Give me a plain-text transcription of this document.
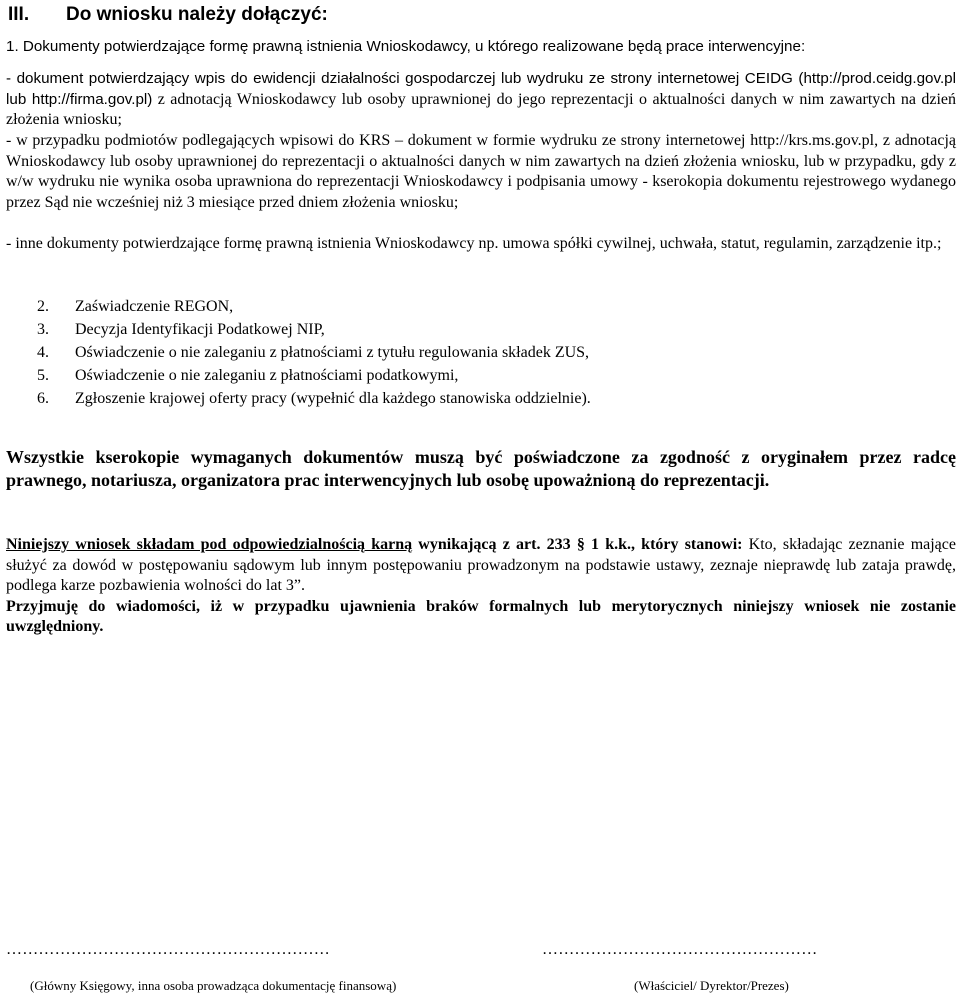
III. Do wniosku należy dołączyć:
1. Dokumenty potwierdzające formę prawną istnienia Wnioskodawcy, u którego realizowane będą prace interwencyjne:
- dokument potwierdzający wpis do ewidencji działalności gospodarczej lub wydruku ze strony internetowej CEIDG (http://prod.ceidg.gov.pl lub http://firma.gov.pl) z adnotacją Wnioskodawcy lub osoby uprawnionej do jego reprezentacji o aktualności danych w nim zawartych na dzień złożenia wniosku;
- w przypadku podmiotów podlegających wpisowi do KRS – dokument w formie wydruku ze strony internetowej http://krs.ms.gov.pl, z adnotacją Wnioskodawcy lub osoby uprawnionej do reprezentacji o aktualności danych w nim zawartych na dzień złożenia wniosku, lub w przypadku, gdy z w/w wydruku nie wynika osoba uprawniona do reprezentacji Wnioskodawcy i podpisania umowy - kserokopia dokumentu rejestrowego wydanego przez Sąd nie wcześniej niż 3 miesiące przed dniem złożenia wniosku;
- inne dokumenty potwierdzające formę prawną istnienia Wnioskodawcy np. umowa spółki cywilnej, uchwała, statut, regulamin, zarządzenie itp.;
2. Zaświadczenie REGON,
3. Decyzja Identyfikacji Podatkowej NIP,
4. Oświadczenie o nie zaleganiu z płatnościami z tytułu regulowania składek ZUS,
5. Oświadczenie o nie zaleganiu z płatnościami podatkowymi,
6. Zgłoszenie krajowej oferty pracy (wypełnić dla każdego stanowiska oddzielnie).
Wszystkie kserokopie wymaganych dokumentów muszą być poświadczone za zgodność z oryginałem przez radcę prawnego, notariusza, organizatora prac interwencyjnych lub osobę upoważnioną do reprezentacji.
Niniejszy wniosek składam pod odpowiedzialnością karną wynikającą z art. 233 § 1 k.k., który stanowi: Kto, składając zeznanie mające służyć za dowód w postępowaniu sądowym lub innym postępowaniu prowadzonym na podstawie ustawy, zeznaje nieprawdę lub zataja prawdę, podlega karze pozbawienia wolności do lat 3”.
Przyjmuję do wiadomości, iż w przypadku ujawnienia braków formalnych lub merytorycznych niniejszy wniosek nie zostanie uwzględniony.
……………………………………………………	……………………………………………
(Główny Księgowy, inna osoba prowadząca dokumentację finansową)	(Właściciel/ Dyrektor/Prezes)
